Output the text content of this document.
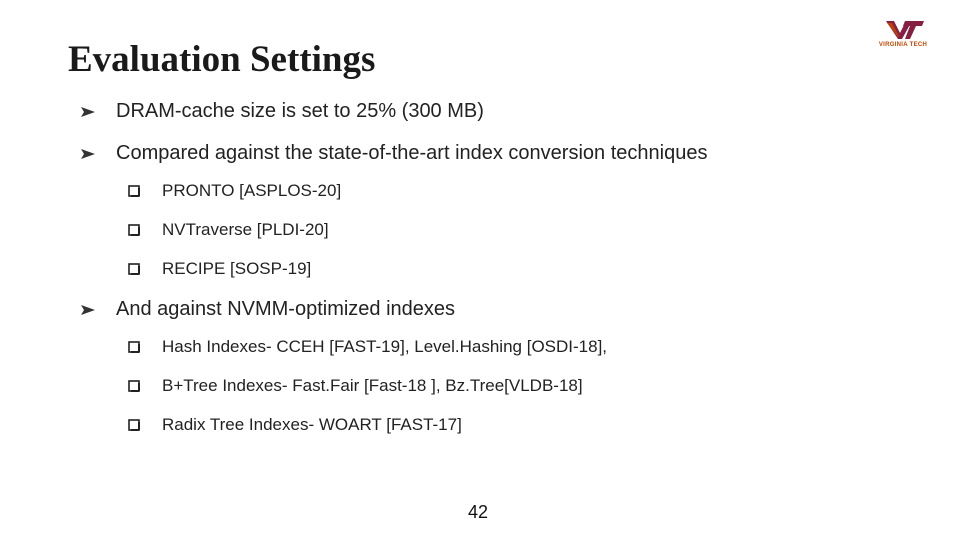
Evaluation Settings	VIRGINIA TECH
DRAM-cache size is set to 25% (300 MB)
Compared against the state-of-the-art index conversion techniques
PRONTO [ASPLOS-20]
NVTraverse [PLDI-20]
RECIPE [SOSP-19]
And against NVMM-optimized indexes
Hash Indexes- CCEH [FAST-19], Level.Hashing [OSDI-18],
B+Tree Indexes- Fast.Fair [Fast-18 ], Bz.Tree[VLDB-18]
Radix Tree Indexes- WOART [FAST-17]
42
